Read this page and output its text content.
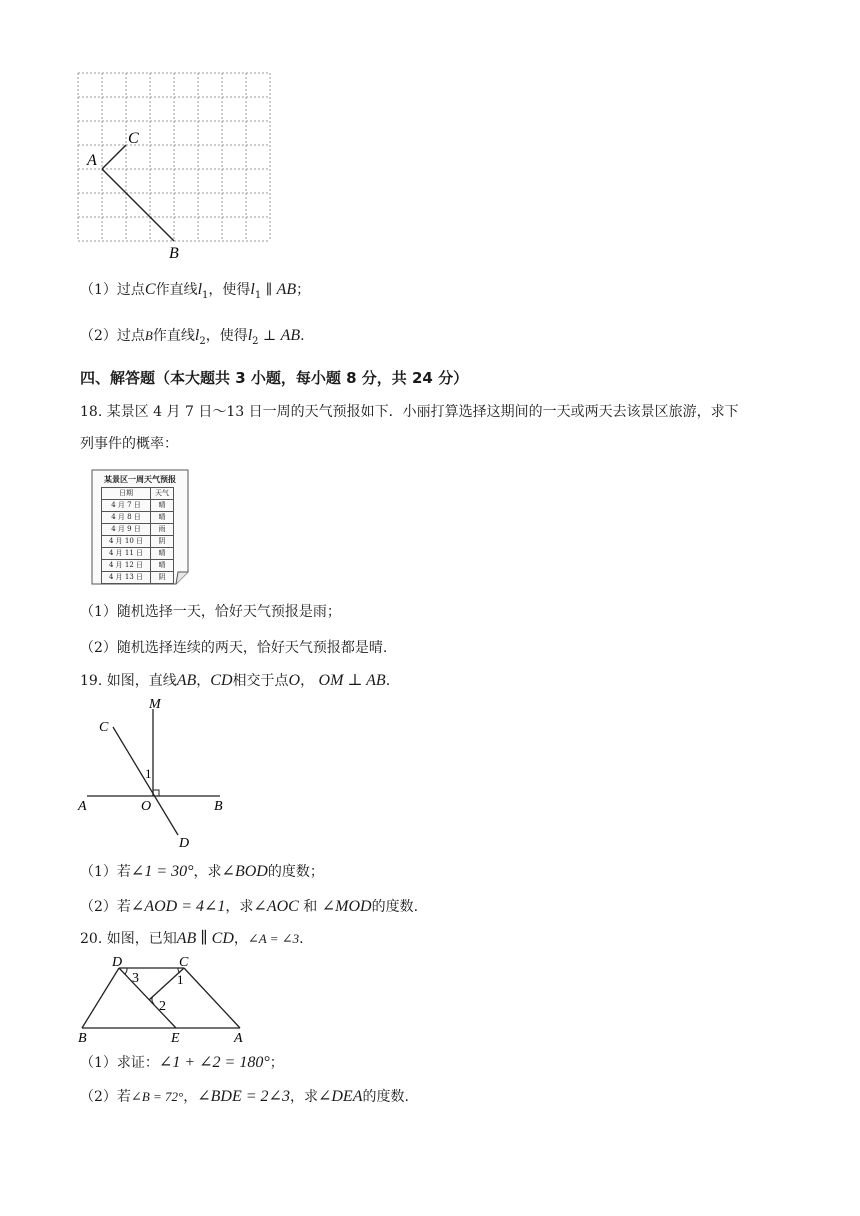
A
C
B
（1）过点C作直线$l_1$，使得$l_1$ ∥ AB；
（2）过点B作直线$l_2$，使得$l_2$ ⊥ AB.
四、解答题（本大题共 3 小题，每小题 8 分，共 24 分）
18. 某景区 4 月 7 日～13 日一周的天气预报如下．小丽打算选择这期间的一天或两天去该景区旅游，求下
列事件的概率：
某景区一周天气预报
日期	天气
4 月 7 日	晴
4 月 8 日	晴
4 月 9 日	雨
4 月 10 日	阴
4 月 11 日	晴
4 月 12 日	晴
4 月 13 日	阴
（1）随机选择一天，恰好天气预报是雨；
（2）随机选择连续的两天，恰好天气预报都是晴.
19. 如图，直线AB，CD相交于点O， OM ⊥ AB.
M
C
1
A	O	B
D
（1）若∠1 = 30°，求∠BOD的度数；
（2）若∠AOD = 4∠1，求∠AOC 和 ∠MOD的度数.
20. 如图，已知AB ∥ CD，∠A = ∠3.
D	C
3	1
2
B	E	A
（1）求证：∠1 + ∠2 = 180°；
（2）若∠B = 72°，∠BDE = 2∠3，求∠DEA的度数.
